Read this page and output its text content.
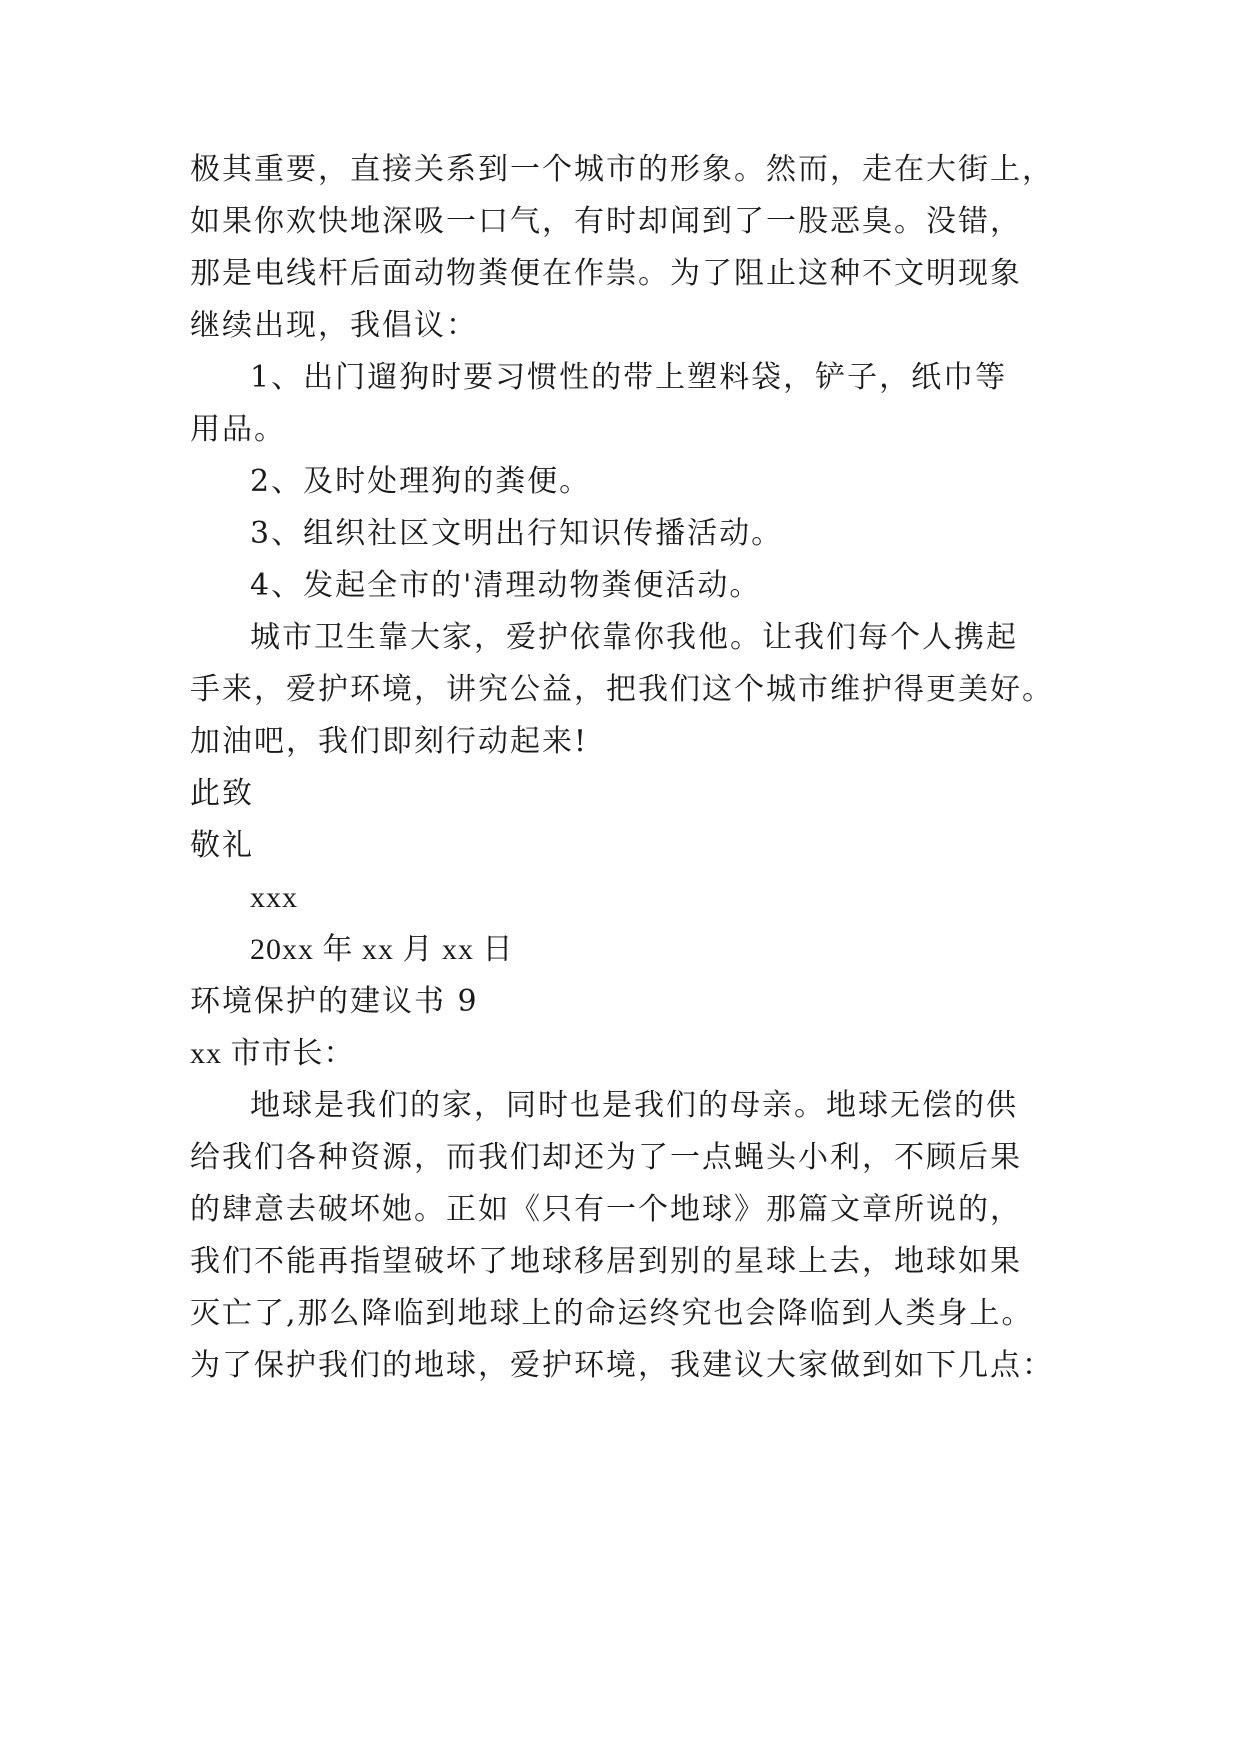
极其重要，直接关系到一个城市的形象。然而，走在大街上，
如果你欢快地深吸一口气，有时却闻到了一股恶臭。没错，
那是电线杆后面动物粪便在作祟。为了阻止这种不文明现象
继续出现，我倡议：
1、出门遛狗时要习惯性的带上塑料袋，铲子，纸巾等
用品。
2、及时处理狗的粪便。
3、组织社区文明出行知识传播活动。
4、发起全市的'清理动物粪便活动。
城市卫生靠大家，爱护依靠你我他。让我们每个人携起
手来，爱护环境，讲究公益，把我们这个城市维护得更美好。
加油吧，我们即刻行动起来!
此致
敬礼
xxx
20xx 年 xx 月 xx 日
环境保护的建议书 9
xx 市市长：
地球是我们的家，同时也是我们的母亲。地球无偿的供
给我们各种资源，而我们却还为了一点蝇头小利，不顾后果
的肆意去破坏她。正如《只有一个地球》那篇文章所说的，
我们不能再指望破坏了地球移居到别的星球上去，地球如果
灭亡了,那么降临到地球上的命运终究也会降临到人类身上。
为了保护我们的地球，爱护环境，我建议大家做到如下几点：
